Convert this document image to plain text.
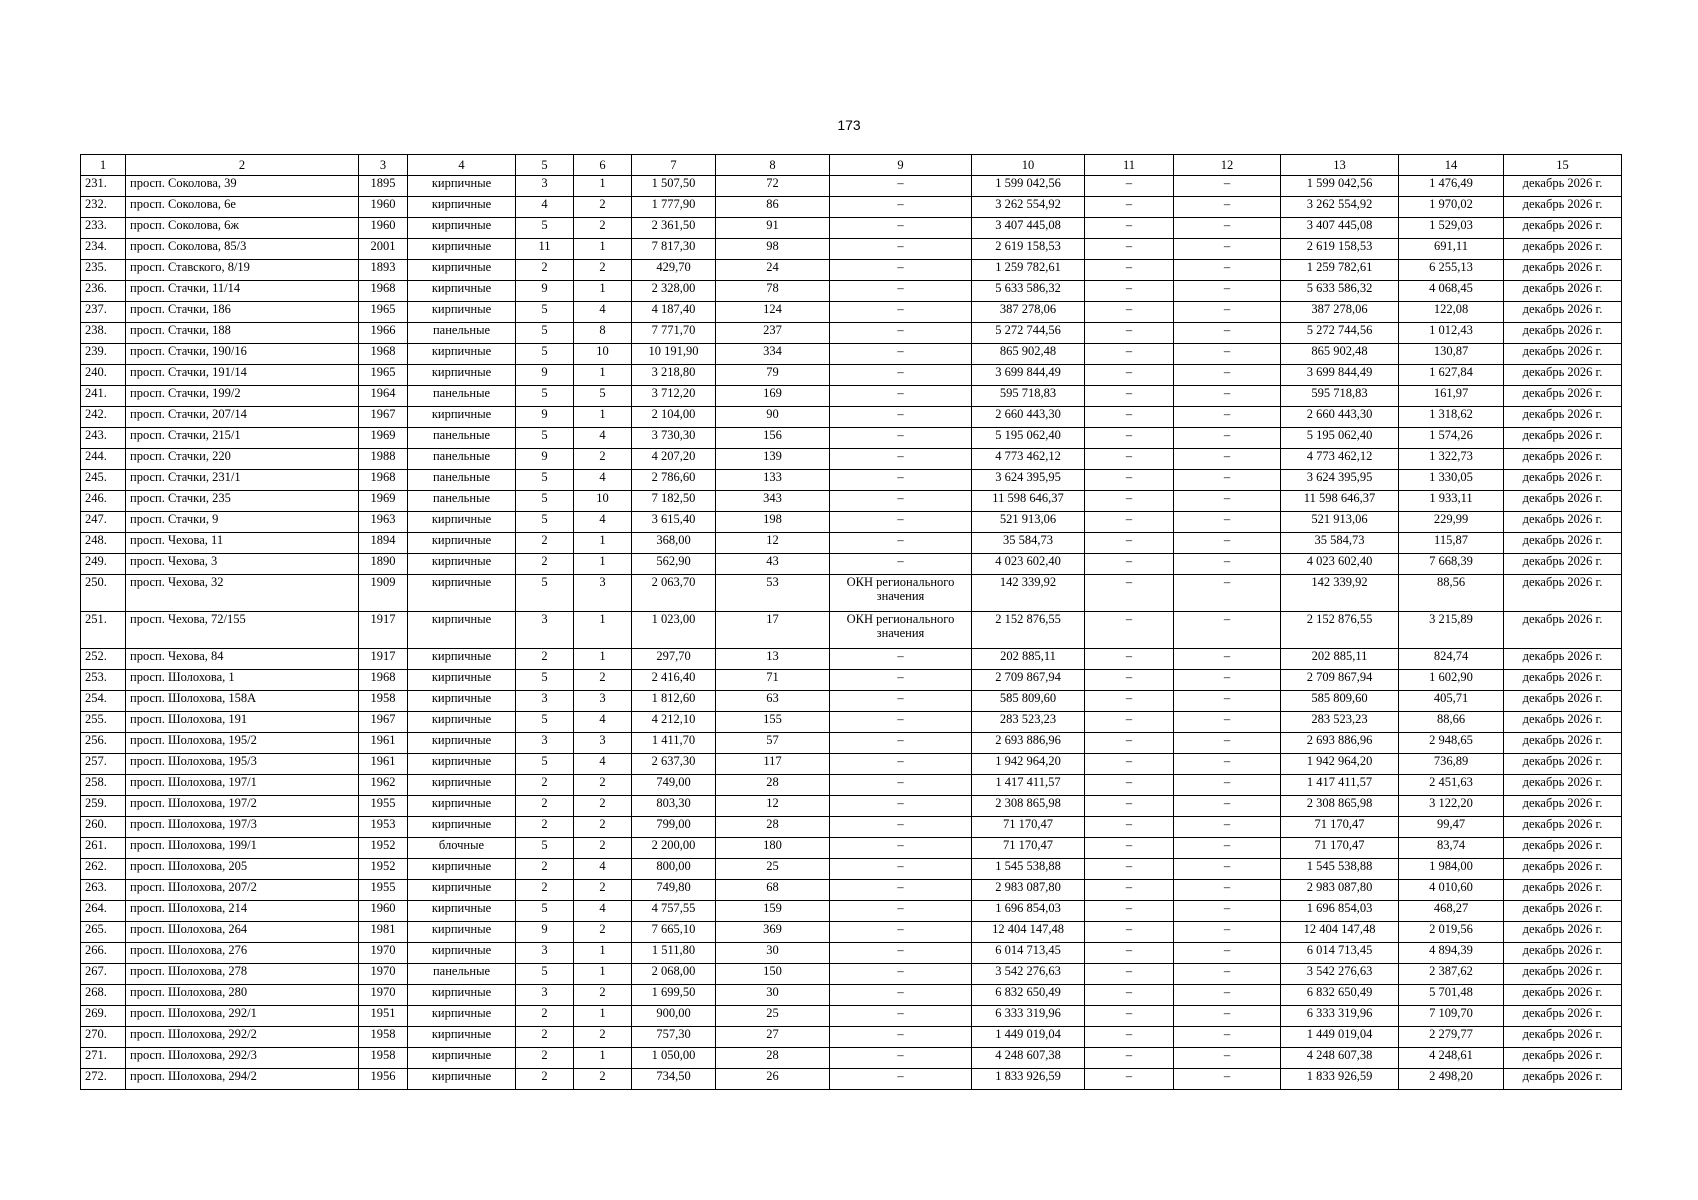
173
1	2	3	4	5	6	7	8	9	10	11	12	13	14	15
231.	просп. Соколова, 39	1895	кирпичные	3	1	1 507,50	72	–	1 599 042,56	–	–	1 599 042,56	1 476,49	декабрь 2026 г.
232.	просп. Соколова, 6е	1960	кирпичные	4	2	1 777,90	86	–	3 262 554,92	–	–	3 262 554,92	1 970,02	декабрь 2026 г.
233.	просп. Соколова, 6ж	1960	кирпичные	5	2	2 361,50	91	–	3 407 445,08	–	–	3 407 445,08	1 529,03	декабрь 2026 г.
234.	просп. Соколова, 85/3	2001	кирпичные	11	1	7 817,30	98	–	2 619 158,53	–	–	2 619 158,53	691,11	декабрь 2026 г.
235.	просп. Ставского, 8/19	1893	кирпичные	2	2	429,70	24	–	1 259 782,61	–	–	1 259 782,61	6 255,13	декабрь 2026 г.
236.	просп. Стачки, 11/14	1968	кирпичные	9	1	2 328,00	78	–	5 633 586,32	–	–	5 633 586,32	4 068,45	декабрь 2026 г.
237.	просп. Стачки, 186	1965	кирпичные	5	4	4 187,40	124	–	387 278,06	–	–	387 278,06	122,08	декабрь 2026 г.
238.	просп. Стачки, 188	1966	панельные	5	8	7 771,70	237	–	5 272 744,56	–	–	5 272 744,56	1 012,43	декабрь 2026 г.
239.	просп. Стачки, 190/16	1968	кирпичные	5	10	10 191,90	334	–	865 902,48	–	–	865 902,48	130,87	декабрь 2026 г.
240.	просп. Стачки, 191/14	1965	кирпичные	9	1	3 218,80	79	–	3 699 844,49	–	–	3 699 844,49	1 627,84	декабрь 2026 г.
241.	просп. Стачки, 199/2	1964	панельные	5	5	3 712,20	169	–	595 718,83	–	–	595 718,83	161,97	декабрь 2026 г.
242.	просп. Стачки, 207/14	1967	кирпичные	9	1	2 104,00	90	–	2 660 443,30	–	–	2 660 443,30	1 318,62	декабрь 2026 г.
243.	просп. Стачки, 215/1	1969	панельные	5	4	3 730,30	156	–	5 195 062,40	–	–	5 195 062,40	1 574,26	декабрь 2026 г.
244.	просп. Стачки, 220	1988	панельные	9	2	4 207,20	139	–	4 773 462,12	–	–	4 773 462,12	1 322,73	декабрь 2026 г.
245.	просп. Стачки, 231/1	1968	панельные	5	4	2 786,60	133	–	3 624 395,95	–	–	3 624 395,95	1 330,05	декабрь 2026 г.
246.	просп. Стачки, 235	1969	панельные	5	10	7 182,50	343	–	11 598 646,37	–	–	11 598 646,37	1 933,11	декабрь 2026 г.
247.	просп. Стачки, 9	1963	кирпичные	5	4	3 615,40	198	–	521 913,06	–	–	521 913,06	229,99	декабрь 2026 г.
248.	просп. Чехова, 11	1894	кирпичные	2	1	368,00	12	–	35 584,73	–	–	35 584,73	115,87	декабрь 2026 г.
249.	просп. Чехова, 3	1890	кирпичные	2	1	562,90	43	–	4 023 602,40	–	–	4 023 602,40	7 668,39	декабрь 2026 г.
250.	просп. Чехова, 32	1909	кирпичные	5	3	2 063,70	53	ОКН регионального значения	142 339,92	–	–	142 339,92	88,56	декабрь 2026 г.
251.	просп. Чехова, 72/155	1917	кирпичные	3	1	1 023,00	17	ОКН регионального значения	2 152 876,55	–	–	2 152 876,55	3 215,89	декабрь 2026 г.
252.	просп. Чехова, 84	1917	кирпичные	2	1	297,70	13	–	202 885,11	–	–	202 885,11	824,74	декабрь 2026 г.
253.	просп. Шолохова, 1	1968	кирпичные	5	2	2 416,40	71	–	2 709 867,94	–	–	2 709 867,94	1 602,90	декабрь 2026 г.
254.	просп. Шолохова, 158А	1958	кирпичные	3	3	1 812,60	63	–	585 809,60	–	–	585 809,60	405,71	декабрь 2026 г.
255.	просп. Шолохова, 191	1967	кирпичные	5	4	4 212,10	155	–	283 523,23	–	–	283 523,23	88,66	декабрь 2026 г.
256.	просп. Шолохова, 195/2	1961	кирпичные	3	3	1 411,70	57	–	2 693 886,96	–	–	2 693 886,96	2 948,65	декабрь 2026 г.
257.	просп. Шолохова, 195/3	1961	кирпичные	5	4	2 637,30	117	–	1 942 964,20	–	–	1 942 964,20	736,89	декабрь 2026 г.
258.	просп. Шолохова, 197/1	1962	кирпичные	2	2	749,00	28	–	1 417 411,57	–	–	1 417 411,57	2 451,63	декабрь 2026 г.
259.	просп. Шолохова, 197/2	1955	кирпичные	2	2	803,30	12	–	2 308 865,98	–	–	2 308 865,98	3 122,20	декабрь 2026 г.
260.	просп. Шолохова, 197/3	1953	кирпичные	2	2	799,00	28	–	71 170,47	–	–	71 170,47	99,47	декабрь 2026 г.
261.	просп. Шолохова, 199/1	1952	блочные	5	2	2 200,00	180	–	71 170,47	–	–	71 170,47	83,74	декабрь 2026 г.
262.	просп. Шолохова, 205	1952	кирпичные	2	4	800,00	25	–	1 545 538,88	–	–	1 545 538,88	1 984,00	декабрь 2026 г.
263.	просп. Шолохова, 207/2	1955	кирпичные	2	2	749,80	68	–	2 983 087,80	–	–	2 983 087,80	4 010,60	декабрь 2026 г.
264.	просп. Шолохова, 214	1960	кирпичные	5	4	4 757,55	159	–	1 696 854,03	–	–	1 696 854,03	468,27	декабрь 2026 г.
265.	просп. Шолохова, 264	1981	кирпичные	9	2	7 665,10	369	–	12 404 147,48	–	–	12 404 147,48	2 019,56	декабрь 2026 г.
266.	просп. Шолохова, 276	1970	кирпичные	3	1	1 511,80	30	–	6 014 713,45	–	–	6 014 713,45	4 894,39	декабрь 2026 г.
267.	просп. Шолохова, 278	1970	панельные	5	1	2 068,00	150	–	3 542 276,63	–	–	3 542 276,63	2 387,62	декабрь 2026 г.
268.	просп. Шолохова, 280	1970	кирпичные	3	2	1 699,50	30	–	6 832 650,49	–	–	6 832 650,49	5 701,48	декабрь 2026 г.
269.	просп. Шолохова, 292/1	1951	кирпичные	2	1	900,00	25	–	6 333 319,96	–	–	6 333 319,96	7 109,70	декабрь 2026 г.
270.	просп. Шолохова, 292/2	1958	кирпичные	2	2	757,30	27	–	1 449 019,04	–	–	1 449 019,04	2 279,77	декабрь 2026 г.
271.	просп. Шолохова, 292/3	1958	кирпичные	2	1	1 050,00	28	–	4 248 607,38	–	–	4 248 607,38	4 248,61	декабрь 2026 г.
272.	просп. Шолохова, 294/2	1956	кирпичные	2	2	734,50	26	–	1 833 926,59	–	–	1 833 926,59	2 498,20	декабрь 2026 г.
